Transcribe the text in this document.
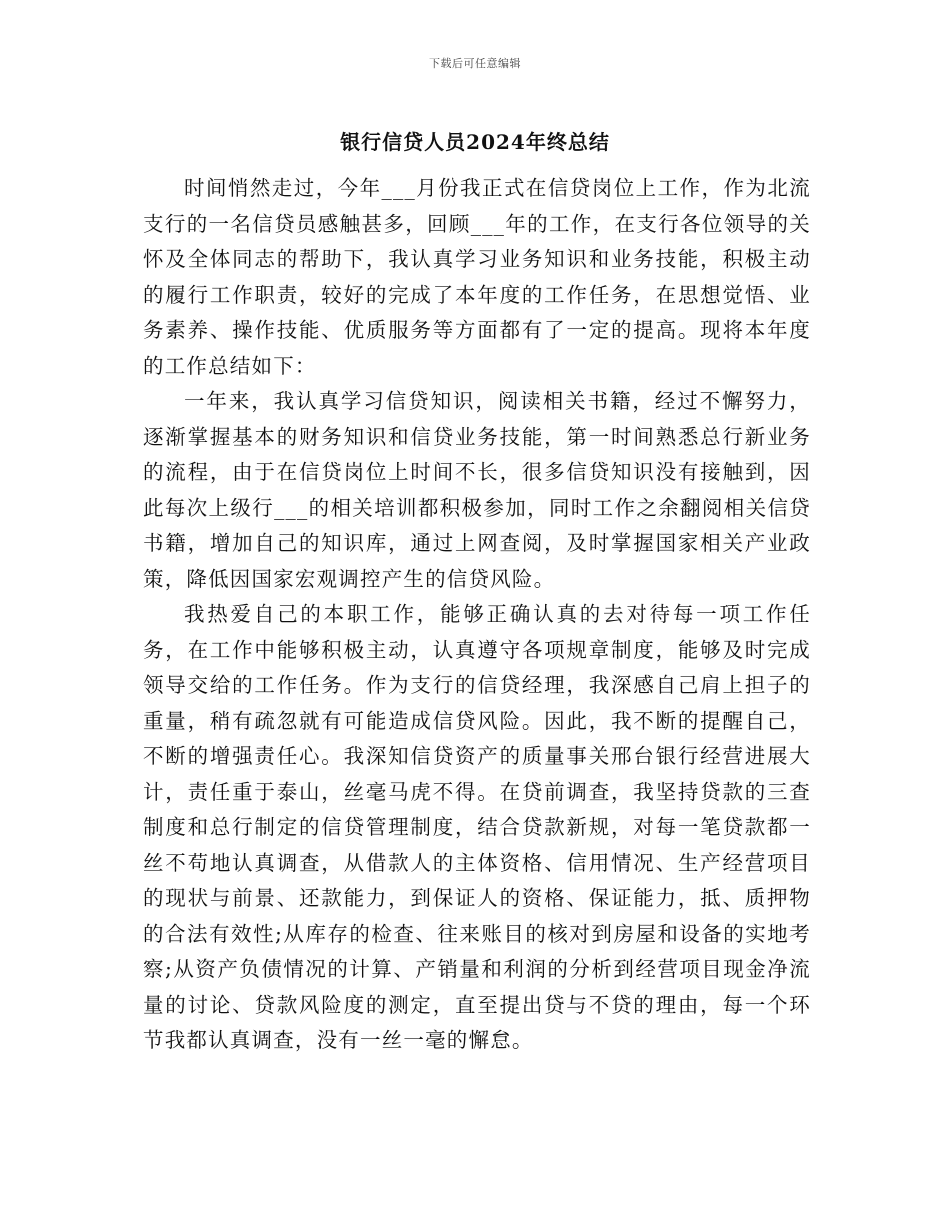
下载后可任意编辑
银行信贷人员2024年终总结

时间悄然走过，今年___月份我正式在信贷岗位上工作，作为北流支行的一名信贷员感触甚多，回顾___年的工作，在支行各位领导的关怀及全体同志的帮助下，我认真学习业务知识和业务技能，积极主动的履行工作职责，较好的完成了本年度的工作任务，在思想觉悟、业务素养、操作技能、优质服务等方面都有了一定的提高。现将本年度的工作总结如下：

一年来，我认真学习信贷知识，阅读相关书籍，经过不懈努力，逐渐掌握基本的财务知识和信贷业务技能，第一时间熟悉总行新业务的流程，由于在信贷岗位上时间不长，很多信贷知识没有接触到，因此每次上级行___的相关培训都积极参加，同时工作之余翻阅相关信贷书籍，增加自己的知识库，通过上网查阅，及时掌握国家相关产业政策，降低因国家宏观调控产生的信贷风险。

我热爱自己的本职工作，能够正确认真的去对待每一项工作任务，在工作中能够积极主动，认真遵守各项规章制度，能够及时完成领导交给的工作任务。作为支行的信贷经理，我深感自己肩上担子的重量，稍有疏忽就有可能造成信贷风险。因此，我不断的提醒自己，不断的增强责任心。我深知信贷资产的质量事关邢台银行经营进展大计，责任重于泰山，丝毫马虎不得。在贷前调查，我坚持贷款的三查制度和总行制定的信贷管理制度，结合贷款新规，对每一笔贷款都一丝不苟地认真调查，从借款人的主体资格、信用情况、生产经营项目的现状与前景、还款能力，到保证人的资格、保证能力，抵、质押物的合法有效性;从库存的检查、往来账目的核对到房屋和设备的实地考察;从资产负债情况的计算、产销量和利润的分析到经营项目现金净流量的讨论、贷款风险度的测定，直至提出贷与不贷的理由，每一个环节我都认真调查，没有一丝一毫的懈怠。
